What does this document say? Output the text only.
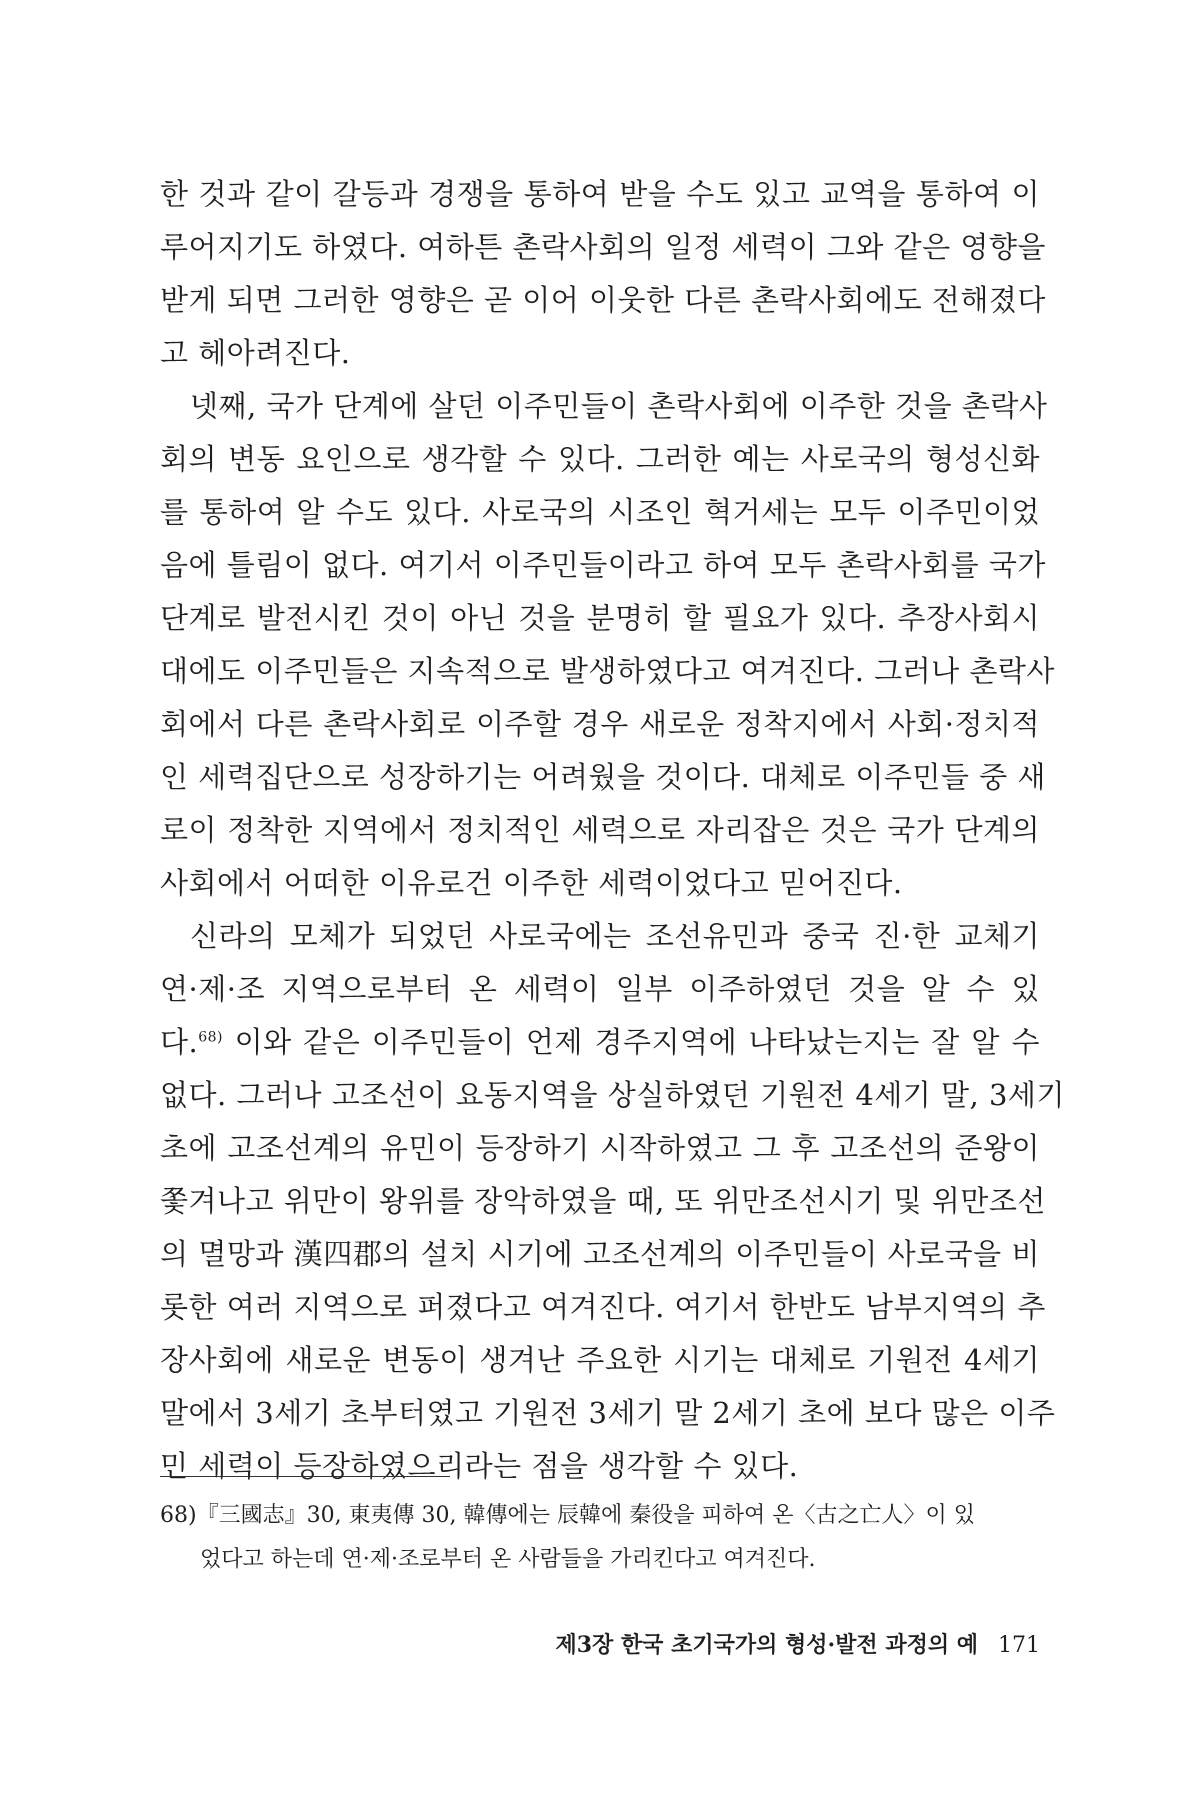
한 것과 같이 갈등과 경쟁을 통하여 받을 수도 있고 교역을 통하여 이
루어지기도 하였다. 여하튼 촌락사회의 일정 세력이 그와 같은 영향을
받게 되면 그러한 영향은 곧 이어 이웃한 다른 촌락사회에도 전해졌다
고 헤아려진다.
넷째, 국가 단계에 살던 이주민들이 촌락사회에 이주한 것을 촌락사
회의 변동 요인으로 생각할 수 있다. 그러한 예는 사로국의 형성신화
를 통하여 알 수도 있다. 사로국의 시조인 혁거세는 모두 이주민이었
음에 틀림이 없다. 여기서 이주민들이라고 하여 모두 촌락사회를 국가
단계로 발전시킨 것이 아닌 것을 분명히 할 필요가 있다. 추장사회시
대에도 이주민들은 지속적으로 발생하였다고 여겨진다. 그러나 촌락사
회에서 다른 촌락사회로 이주할 경우 새로운 정착지에서 사회·정치적
인 세력집단으로 성장하기는 어려웠을 것이다. 대체로 이주민들 중 새
로이 정착한 지역에서 정치적인 세력으로 자리잡은 것은 국가 단계의
사회에서 어떠한 이유로건 이주한 세력이었다고 믿어진다.
신라의 모체가 되었던 사로국에는 조선유민과 중국 진·한 교체기
연·제·조 지역으로부터 온 세력이 일부 이주하였던 것을 알 수 있
다.$^{68)}$ 이와 같은 이주민들이 언제 경주지역에 나타났는지는 잘 알 수
없다. 그러나 고조선이 요동지역을 상실하였던 기원전 4세기 말, 3세기
초에 고조선계의 유민이 등장하기 시작하였고 그 후 고조선의 준왕이
쫓겨나고 위만이 왕위를 장악하였을 때, 또 위만조선시기 및 위만조선
의 멸망과 漢四郡의 설치 시기에 고조선계의 이주민들이 사로국을 비
롯한 여러 지역으로 퍼졌다고 여겨진다. 여기서 한반도 남부지역의 추
장사회에 새로운 변동이 생겨난 주요한 시기는 대체로 기원전 4세기
말에서 3세기 초부터였고 기원전 3세기 말 2세기 초에 보다 많은 이주
민 세력이 등장하였으리라는 점을 생각할 수 있다.
68)『三國志』30, 東夷傳 30, 韓傳에는 辰韓에 秦役을 피하여 온〈古之亡人〉이 있
었다고 하는데 연·제·조로부터 온 사람들을 가리킨다고 여겨진다.
제3장 한국 초기국가의 형성·발전 과정의 예 171
